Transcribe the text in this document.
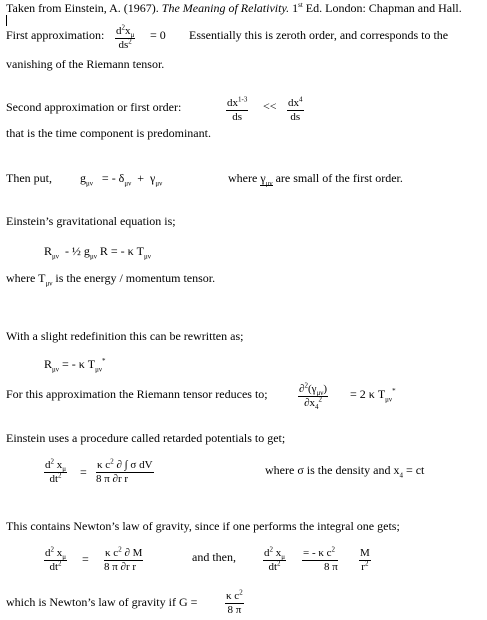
Taken from Einstein, A. (1967). The Meaning of Relativity. 1st Ed. London: Chapman and Hall.
First approximation: $\frac{d^2x_\mu}{ds^2} = 0$ Essentially this is zeroth order, and corresponds to the
vanishing of the Riemann tensor.
Second approximation or first order:	$\frac{dx^{1-3}}{ds} << \frac{dx^4}{ds}$
that is the time component is predominant.
Then put, $g_{\mu\nu}$ = - $\delta_{\mu\nu} + \gamma_{\mu\nu}$	where $\gamma_{\mu\nu}$ are small of the first order.
Einstein’s gravitational equation is;
$R_{\mu\nu}$ - ½ $g_{\mu\nu}$ R = - κ $T_{\mu\nu}$
where $T_{\mu\nu}$ is the energy / momentum tensor.
With a slight redefinition this can be rewritten as;
$R_{\mu\nu}$ = - κ $T_{\mu\nu}^*$
For this approximation the Riemann tensor reduces to;	$\partial^2(\gamma_{\mu\nu})$
$\partial x_4^2$	= 2 κ $T_{\mu\nu}^*$
Einstein uses a procedure called retarded potentials to get;
$\frac{d^2 x_\mu}{dt^2} = \frac{\kappa c^2 \partial \int \sigma dV}{\text{8 π ∂r r}}$	where σ is the density and $x_4$ = ct
This contains Newton’s law of gravity, since if one performs the integral one gets;
$\frac{d^2 x_\mu}{dt^2} = \frac{\kappa c^2 \partial M}{\text{8 π ∂r r}}$	and then, $\frac{d^2 x_\mu}{dt^2} \frac{= - \kappa c^2}{8 \pi} \frac{M}{r^2}$
which is Newton’s law of gravity if G =	$\frac{\kappa c^2}{8 \pi}$
